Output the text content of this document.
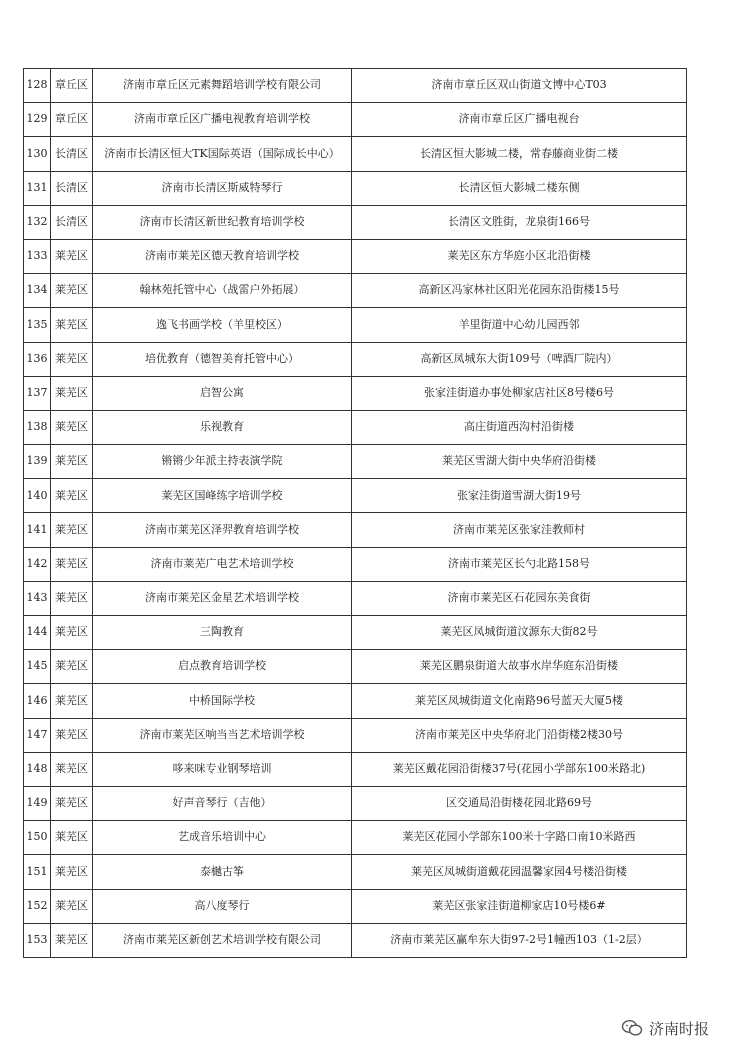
128	章丘区	济南市章丘区元素舞蹈培训学校有限公司	济南市章丘区双山街道文博中心T03
129	章丘区	济南市章丘区广播电视教育培训学校	济南市章丘区广播电视台
130	长清区	济南市长清区恒大TK国际英语（国际成长中心）	长清区恒大影城二楼，常春藤商业街二楼
131	长清区	济南市长清区斯威特琴行	长清区恒大影城二楼东侧
132	长清区	济南市长清区新世纪教育培训学校	长清区文胜街，龙泉街166号
133	莱芜区	济南市莱芜区德天教育培训学校	莱芜区东方华庭小区北沿街楼
134	莱芜区	翰林苑托管中心（战雷户外拓展）	高新区冯家林社区阳光花园东沿街楼15号
135	莱芜区	逸飞书画学校（羊里校区）	羊里街道中心幼儿园西邻
136	莱芜区	培优教育（德智美育托管中心）	高新区凤城东大街109号（啤酒厂院内）
137	莱芜区	启智公寓	张家洼街道办事处柳家店社区8号楼6号
138	莱芜区	乐视教育	高庄街道西沟村沿街楼
139	莱芜区	锵锵少年派主持表演学院	莱芜区雪湖大街中央华府沿街楼
140	莱芜区	莱芜区国峰练字培训学校	张家洼街道雪湖大街19号
141	莱芜区	济南市莱芜区泽羿教育培训学校	济南市莱芜区张家洼教师村
142	莱芜区	济南市莱芜广电艺术培训学校	济南市莱芜区长勺北路158号
143	莱芜区	济南市莱芜区金星艺术培训学校	济南市莱芜区石花园东美食街
144	莱芜区	三陶教育	莱芜区凤城街道汶源东大街82号
145	莱芜区	启点教育培训学校	莱芜区鹏泉街道大故事水岸华庭东沿街楼
146	莱芜区	中桥国际学校	莱芜区凤城街道文化南路96号蓝天大厦5楼
147	莱芜区	济南市莱芜区响当当艺术培训学校	济南市莱芜区中央华府北门沿街楼2楼30号
148	莱芜区	哆来咪专业钢琴培训	莱芜区戴花园沿街楼37号(花园小学部东100米路北)
149	莱芜区	好声音琴行（吉他）	区交通局沿街楼花园北路69号
150	莱芜区	艺成音乐培训中心	莱芜区花园小学部东100米十字路口南10米路西
151	莱芜区	泰樾古筝	莱芜区凤城街道戴花园温馨家园4号楼沿街楼
152	莱芜区	高八度琴行	莱芜区张家洼街道柳家店10号楼6#
153	莱芜区	济南市莱芜区新创艺术培训学校有限公司	济南市莱芜区赢牟东大街97-2号1幢西103（1-2层）
济南时报
